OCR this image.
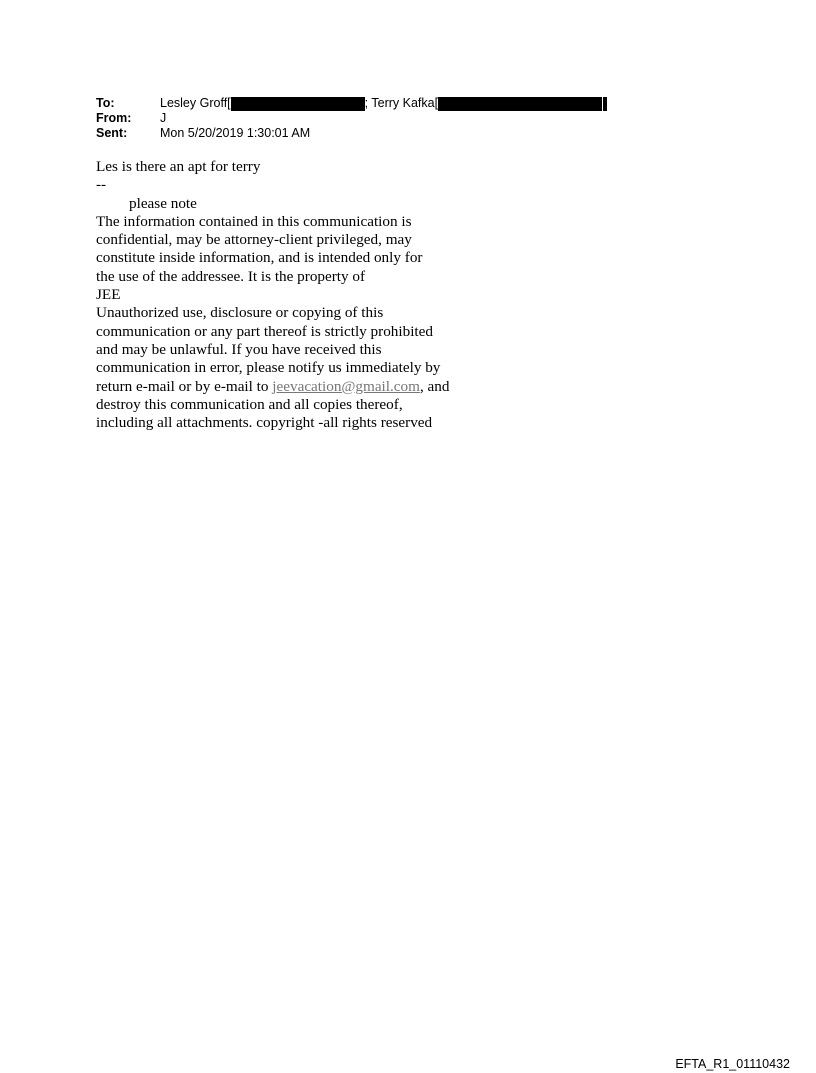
To:	Lesley Groff[	; Terry Kafka[
From:	J
Sent:	Mon 5/20/2019 1:30:01 AM
Les is there an apt for terry
--
please note
The information contained in this communication is
confidential, may be attorney-client privileged, may
constitute inside information, and is intended only for
the use of the addressee. It is the property of
JEE
Unauthorized use, disclosure or copying of this
communication or any part thereof is strictly prohibited
and may be unlawful. If you have received this
communication in error, please notify us immediately by
return e-mail or by e-mail to jeevacation@gmail.com, and
destroy this communication and all copies thereof,
including all attachments. copyright -all rights reserved
EFTA_R1_01110432
